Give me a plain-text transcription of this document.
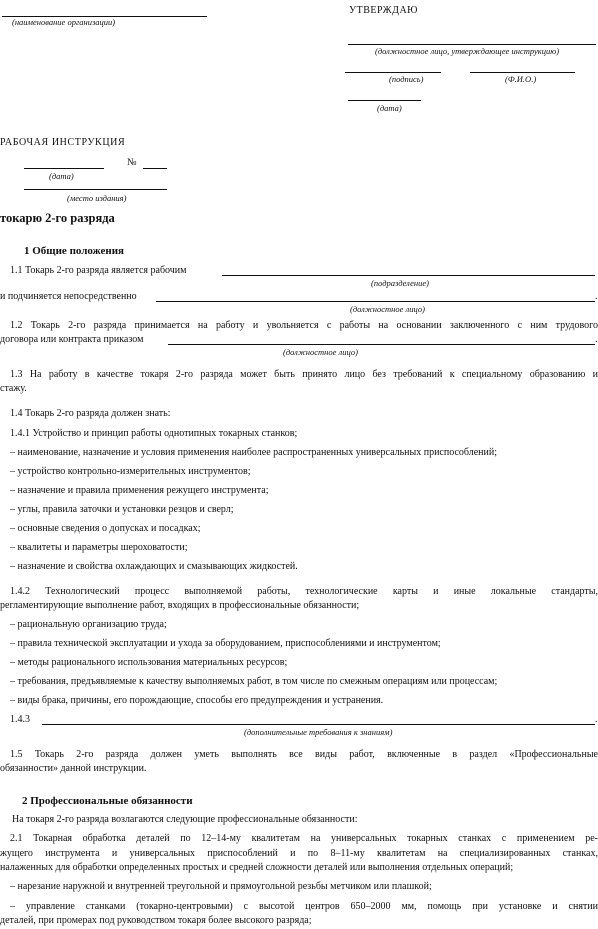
(наименование организации)
УТВЕРЖДАЮ
(должностное лицо, утверждающее инструкцию)
(подпись)	(Ф.И.О.)
(дата)
РАБОЧАЯ ИНСТРУКЦИЯ
№
(дата)
(место издания)
токарю 2-го разряда
1 Общие положения
1.1 Токарь 2-го разряда является рабочим
(подразделение)
и подчиняется непосредственно	.
(должностное лицо)
1.2 Токарь 2-го разряда принимается на работу и увольняется с работы на основании заключенного с ним трудового
договора или контракта приказом	.
(должностное лицо)
1.3 На работу в качестве токаря 2-го разряда может быть принято лицо без требований к специальному образованию и
стажу.
1.4 Токарь 2-го разряда должен знать:
1.4.1 Устройство и принцип работы однотипных токарных станков;
– наименование, назначение и условия применения наиболее распространенных универсальных приспособлений;
– устройство контрольно-измерительных инструментов;
– назначение и правила применения режущего инструмента;
– углы, правила заточки и установки резцов и сверл;
– основные сведения о допусках и посадках;
– квалитеты и параметры шероховатости;
– назначение и свойства охлаждающих и смазывающих жидкостей.
1.4.2 Технологический процесс выполняемой работы, технологические карты и иные локальные стандарты,
регламентирующие выполнение работ, входящих в профессиональные обязанности;
– рациональную организацию труда;
– правила технической эксплуатации и ухода за оборудованием, приспособлениями и инструментом;
– методы рационального использования материальных ресурсов;
– требования, предъявляемые к качеству выполняемых работ, в том числе по смежным операциям или процессам;
– виды брака, причины, его порождающие, способы его предупреждения и устранения.
1.4.3	.
(дополнительные требования к знаниям)
1.5 Токарь 2-го разряда должен уметь выполнять все виды работ, включенные в раздел «Профессиональные
обязанности» данной инструкции.
2 Профессиональные обязанности
На токаря 2-го разряда возлагаются следующие профессиональные обязанности:
2.1 Токарная обработка деталей по 12–14-му квалитетам на универсальных токарных станках с применением ре-
жущего инструмента и универсальных приспособлений и по 8–11-му квалитетам на специализированных станках,
налаженных для обработки определенных простых и средней сложности деталей или выполнения отдельных операций;
– нарезание наружной и внутренней треугольной и прямоугольной резьбы метчиком или плашкой;
– управление станками (токарно-центровыми) с высотой центров 650–2000 мм, помощь при установке и снятии
деталей, при промерах под руководством токаря более высокого разряда;
